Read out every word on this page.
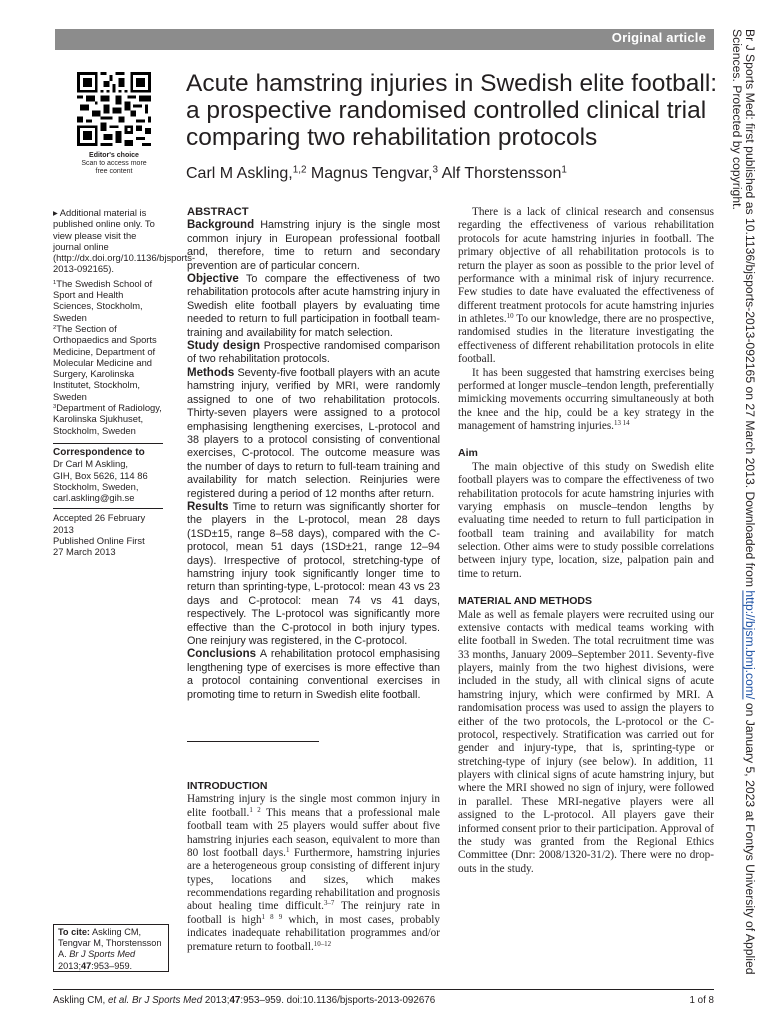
Original article	Br J Sports Med: first published as 10.1136/bjsports-2013-092165 on 27 March 2013. Downloaded from http://bjsm.bmj.com/ on January 5, 2023 at Fontys University of Applied Sciences. Protected by copyright.
Editor's choice
Scan to access more free content
Acute hamstring injuries in Swedish elite football:
a prospective randomised controlled clinical trial
comparing two rehabilitation protocols
Carl M Askling,$^{1,2}$ Magnus Tengvar,$^3$ Alf Thorstensson$^1$
▸ Additional material is published online only. To view please visit the journal online (http://dx.doi.org/10.1136/bjsports-2013-092165).
$^1$The Swedish School of Sport and Health Sciences, Stockholm, Sweden
$^2$The Section of Orthopaedics and Sports Medicine, Department of Molecular Medicine and Surgery, Karolinska Institutet, Stockholm, Sweden
$^3$Department of Radiology, Karolinska Sjukhuset, Stockholm, Sweden
Correspondence to
Dr Carl M Askling,
GIH, Box 5626, 114 86
Stockholm, Sweden,
carl.askling@gih.se
Accepted 26 February 2013
Published Online First
27 March 2013
ABSTRACT

Background Hamstring injury is the single most common injury in European professional football and, therefore, time to return and secondary prevention are of particular concern.

Objective To compare the effectiveness of two rehabilitation protocols after acute hamstring injury in Swedish elite football players by evaluating time needed to return to full participation in football team-training and availability for match selection.

Study design Prospective randomised comparison of two rehabilitation protocols.

Methods Seventy-five football players with an acute hamstring injury, verified by MRI, were randomly assigned to one of two rehabilitation protocols. Thirty-seven players were assigned to a protocol emphasising lengthening exercises, L-protocol and 38 players to a protocol consisting of conventional exercises, C-protocol. The outcome measure was the number of days to return to full-team training and availability for match selection. Reinjuries were registered during a period of 12 months after return.

Results Time to return was significantly shorter for the players in the L-protocol, mean 28 days (1SD±15, range 8–58 days), compared with the C-protocol, mean 51 days (1SD±21, range 12–94 days). Irrespective of protocol, stretching-type of hamstring injury took significantly longer time to return than sprinting-type, L-protocol: mean 43 vs 23 days and C-protocol: mean 74 vs 41 days, respectively. The L-protocol was significantly more effective than the C-protocol in both injury types. One reinjury was registered, in the C-protocol.

Conclusions A rehabilitation protocol emphasising lengthening type of exercises is more effective than a protocol containing conventional exercises in promoting time to return in Swedish elite football.

INTRODUCTION

Hamstring injury is the single most common injury in elite football.$^{1 2}$ This means that a professional male football team with 25 players would suffer about five hamstring injuries each season, equivalent to more than 80 lost football days.$^1$ Furthermore, hamstring injuries are a heterogeneous group consisting of different injury types, locations and sizes, which makes recommendations regarding rehabilitation and prognosis about healing time difficult.$^{3-7}$ The reinjury rate in football is high$^{1 8 9}$ which, in most cases, probably indicates inadequate rehabilitation programmes and/or premature return to football.$^{10-12}$

There is a lack of clinical research and consensus regarding the effectiveness of various rehabilitation protocols for acute hamstring injuries in football. The primary objective of all rehabilitation protocols is to return the player as soon as possible to the prior level of performance with a minimal risk of injury recurrence. Few studies to date have evaluated the effectiveness of different treatment protocols for acute hamstring injuries in athletes.$^{10}$ To our knowledge, there are no prospective, randomised studies in the literature investigating the effectiveness of different rehabilitation protocols in elite football.

It has been suggested that hamstring exercises being performed at longer muscle–tendon length, preferentially mimicking movements occurring simultaneously at both the knee and the hip, could be a key strategy in the management of hamstring injuries.$^{13 14}$

Aim

The main objective of this study on Swedish elite football players was to compare the effectiveness of two rehabilitation protocols for acute hamstring injuries with varying emphasis on muscle–tendon lengths by evaluating time needed to return to full participation in football team training and availability for match selection. Other aims were to study possible correlations between injury type, location, size, palpation pain and time to return.

MATERIAL AND METHODS

Male as well as female players were recruited using our extensive contacts with medical teams working with elite football in Sweden. The total recruitment time was 33 months, January 2009–September 2011. Seventy-five players, mainly from the two highest divisions, were included in the study, all with clinical signs of acute hamstring injury, which were confirmed by MRI. A randomisation process was used to assign the players to either of the two protocols, the L-protocol or the C-protocol, respectively. Stratification was carried out for gender and injury-type, that is, sprinting-type or stretching-type of injury (see below). In addition, 11 players with clinical signs of acute hamstring injury, but where the MRI showed no sign of injury, were followed in parallel. These MRI-negative players were all assigned to the L-protocol. All players gave their informed consent prior to their participation. Approval of the study was granted from the Regional Ethics Committee (Dnr: 2008/1320-31/2). There were no drop-outs in the study.

To cite: Askling CM, Tengvar M, Thorstensson A. Br J Sports Med 2013;47:953–959.
Askling CM, et al. Br J Sports Med 2013;47:953–959. doi:10.1136/bjsports-2013-092676	1 of 8
